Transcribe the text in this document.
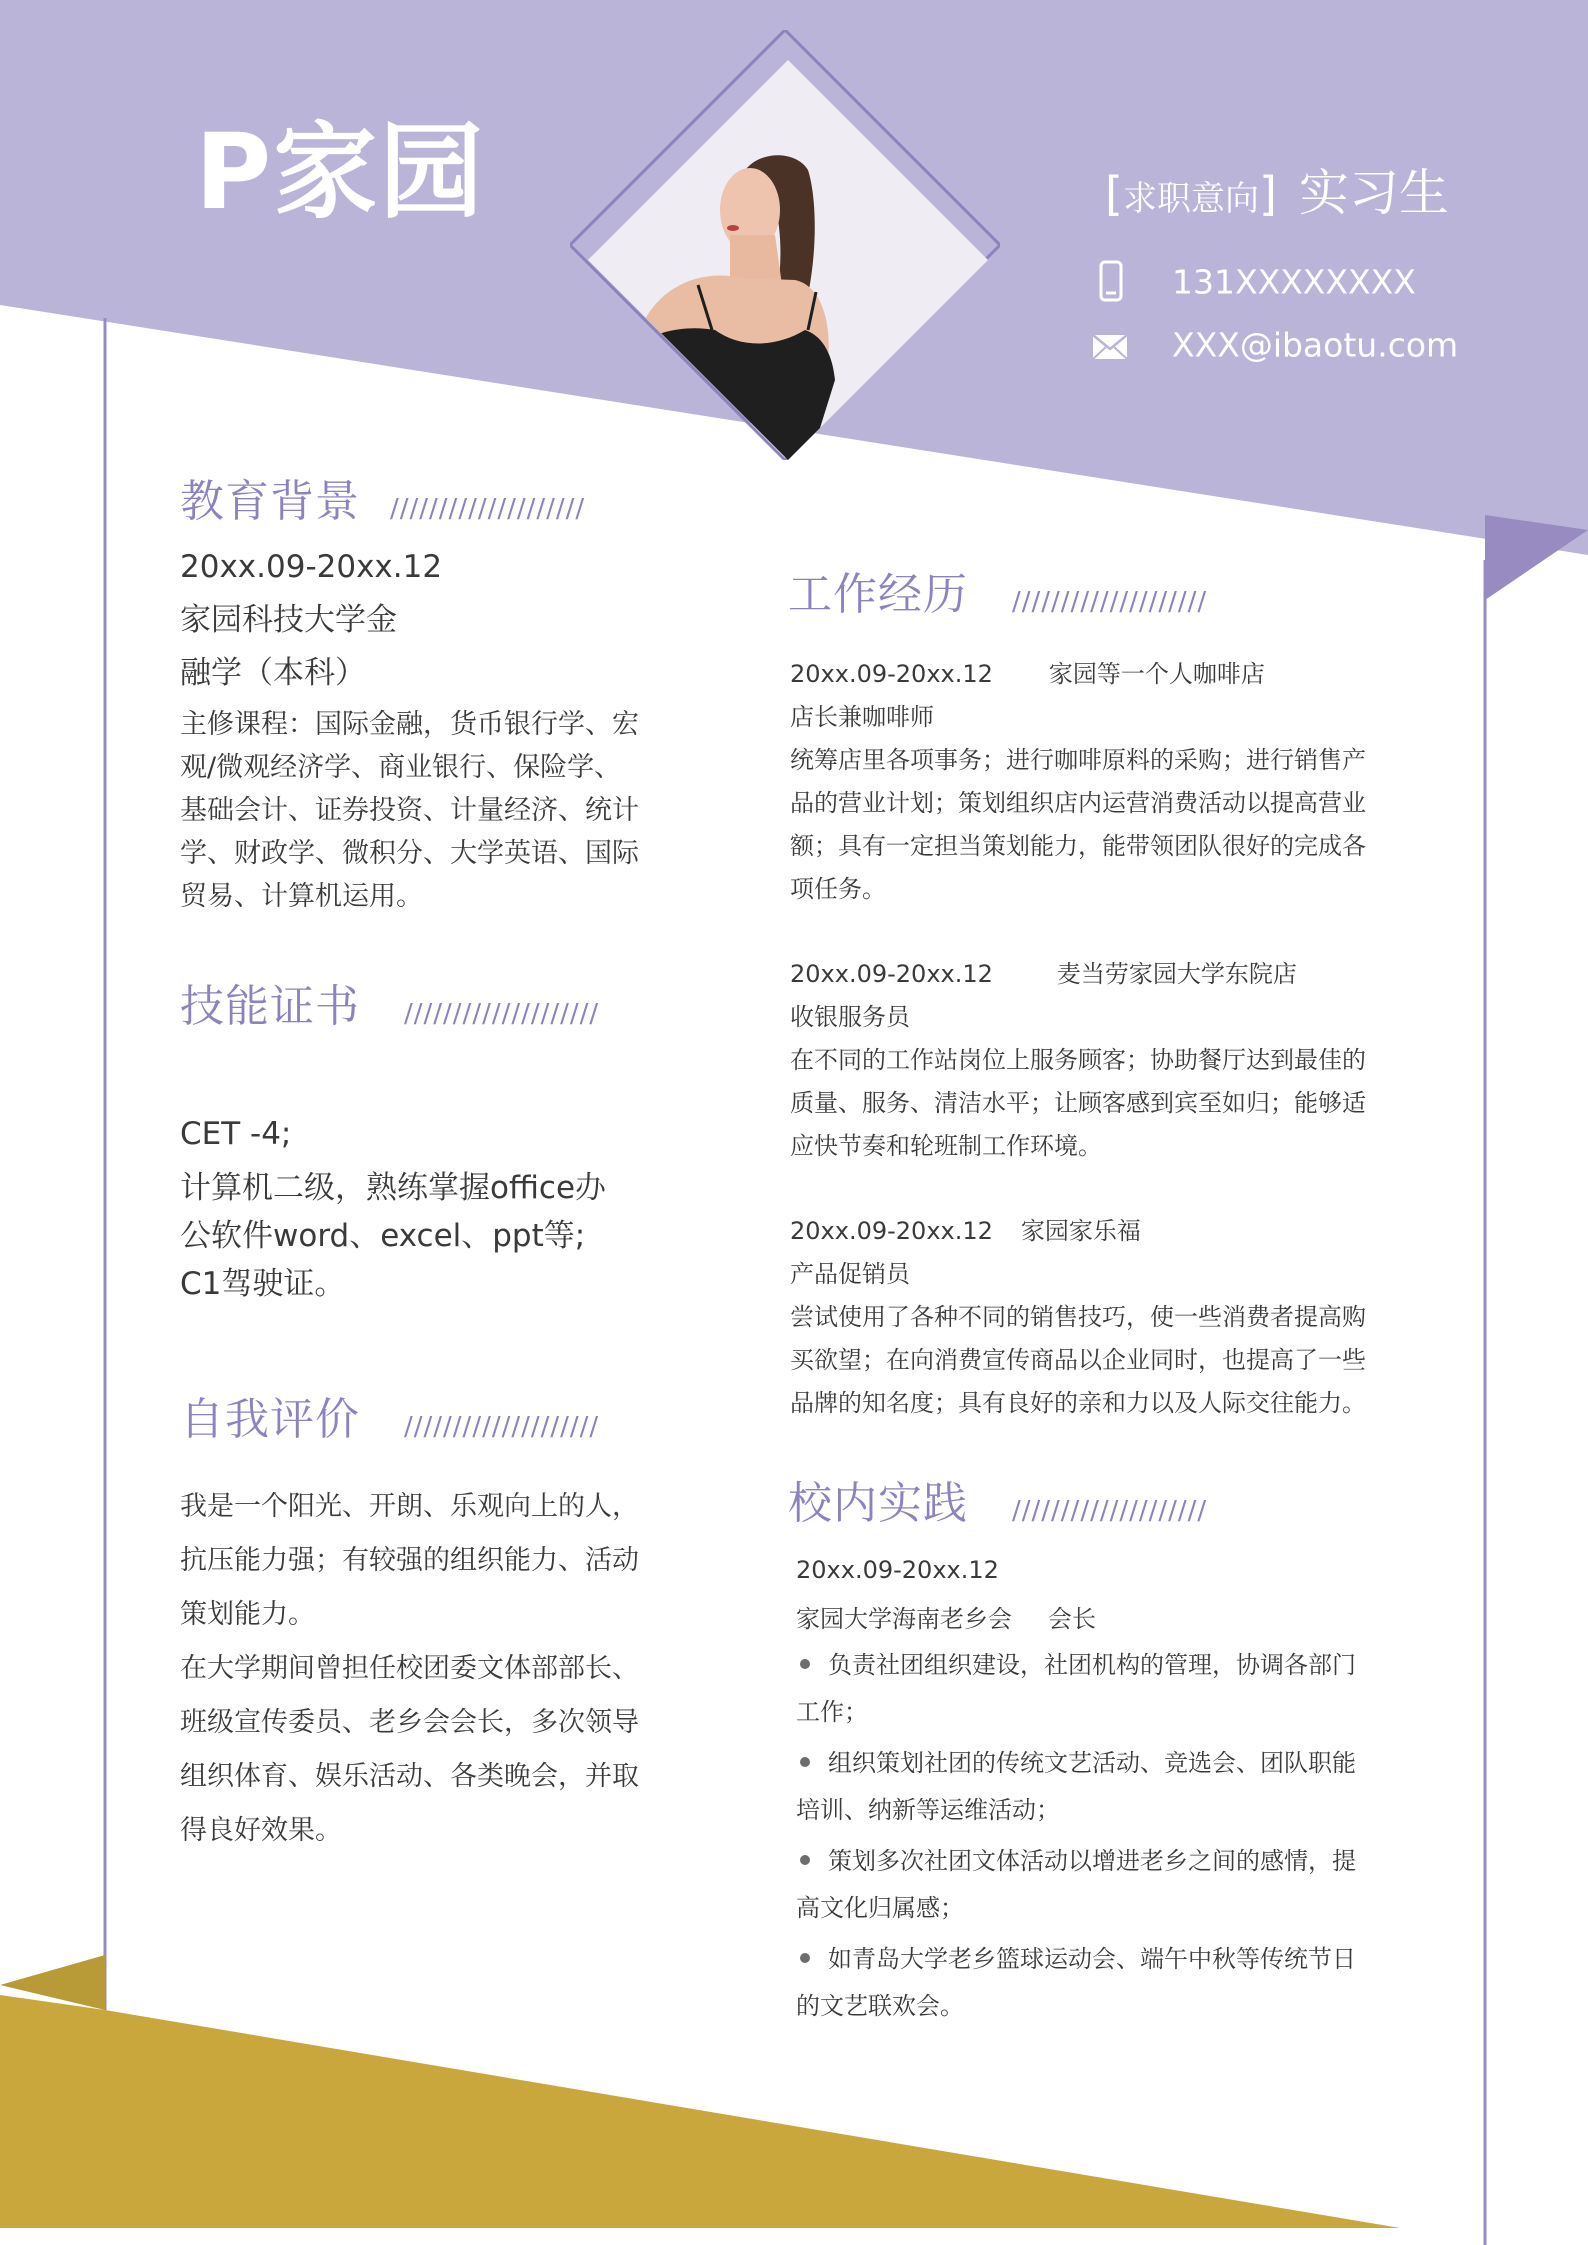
P家园	[求职意向] 实习生
131XXXXXXXX
XXX@ibaotu.com
教育背景 ////////////////////
20xx.09-20xx.12
家园科技大学金
融学（本科）
主修课程：国际金融，货币银行学、宏
观/微观经济学、商业银行、保险学、
基础会计、证券投资、计量经济、统计
学、财政学、微积分、大学英语、国际
贸易、计算机运用。
技能证书 ////////////////////
CET -4;
计算机二级，熟练掌握office办
公软件word、excel、ppt等;
C1驾驶证。
自我评价 ////////////////////
我是一个阳光、开朗、乐观向上的人，
抗压能力强；有较强的组织能力、活动
策划能力。
在大学期间曾担任校团委文体部部长、
班级宣传委员、老乡会会长，多次领导
组织体育、娱乐活动、各类晚会，并取
得良好效果。
工作经历 ////////////////////
20xx.09-20xx.12 家园等一个人咖啡店
店长兼咖啡师
统筹店里各项事务；进行咖啡原料的采购；进行销售产
品的营业计划；策划组织店内运营消费活动以提高营业
额；具有一定担当策划能力，能带领团队很好的完成各
项任务。
20xx.09-20xx.12	麦当劳家园大学东院店
收银服务员
在不同的工作站岗位上服务顾客；协助餐厅达到最佳的
质量、服务、清洁水平；让顾客感到宾至如归；能够适
应快节奏和轮班制工作环境。
20xx.09-20xx.12 家园家乐福
产品促销员
尝试使用了各种不同的销售技巧，使一些消费者提高购
买欲望；在向消费宣传商品以企业同时，也提高了一些
品牌的知名度；具有良好的亲和力以及人际交往能力。
校内实践 ////////////////////
20xx.09-20xx.12
家园大学海南老乡会 会长
负责社团组织建设，社团机构的管理，协调各部门
工作；
组织策划社团的传统文艺活动、竞选会、团队职能
培训、纳新等运维活动；
策划多次社团文体活动以增进老乡之间的感情，提
高文化归属感；
如青岛大学老乡篮球运动会、端午中秋等传统节日
的文艺联欢会。
